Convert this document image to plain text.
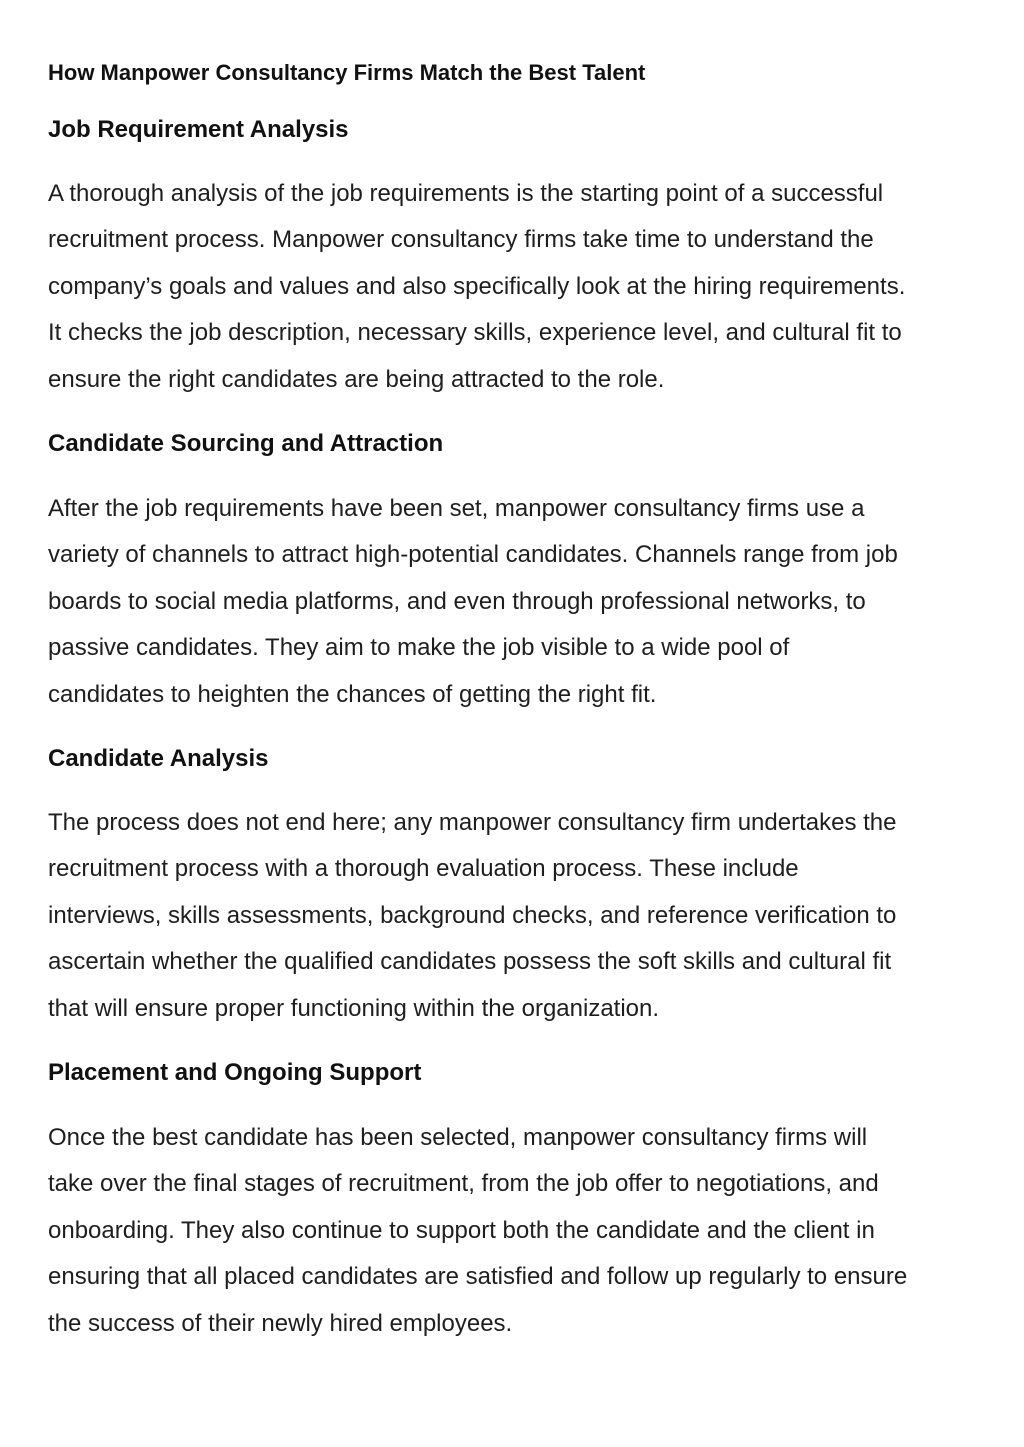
How Manpower Consultancy Firms Match the Best Talent
Job Requirement Analysis

A thorough analysis of the job requirements is the starting point of a successful
recruitment process. Manpower consultancy firms take time to understand the
company’s goals and values and also specifically look at the hiring requirements.
It checks the job description, necessary skills, experience level, and cultural fit to
ensure the right candidates are being attracted to the role.

Candidate Sourcing and Attraction

After the job requirements have been set, manpower consultancy firms use a
variety of channels to attract high-potential candidates. Channels range from job
boards to social media platforms, and even through professional networks, to
passive candidates. They aim to make the job visible to a wide pool of
candidates to heighten the chances of getting the right fit.

Candidate Analysis

The process does not end here; any manpower consultancy firm undertakes the
recruitment process with a thorough evaluation process. These include
interviews, skills assessments, background checks, and reference verification to
ascertain whether the qualified candidates possess the soft skills and cultural fit
that will ensure proper functioning within the organization.

Placement and Ongoing Support

Once the best candidate has been selected, manpower consultancy firms will
take over the final stages of recruitment, from the job offer to negotiations, and
onboarding. They also continue to support both the candidate and the client in
ensuring that all placed candidates are satisfied and follow up regularly to ensure
the success of their newly hired employees.
